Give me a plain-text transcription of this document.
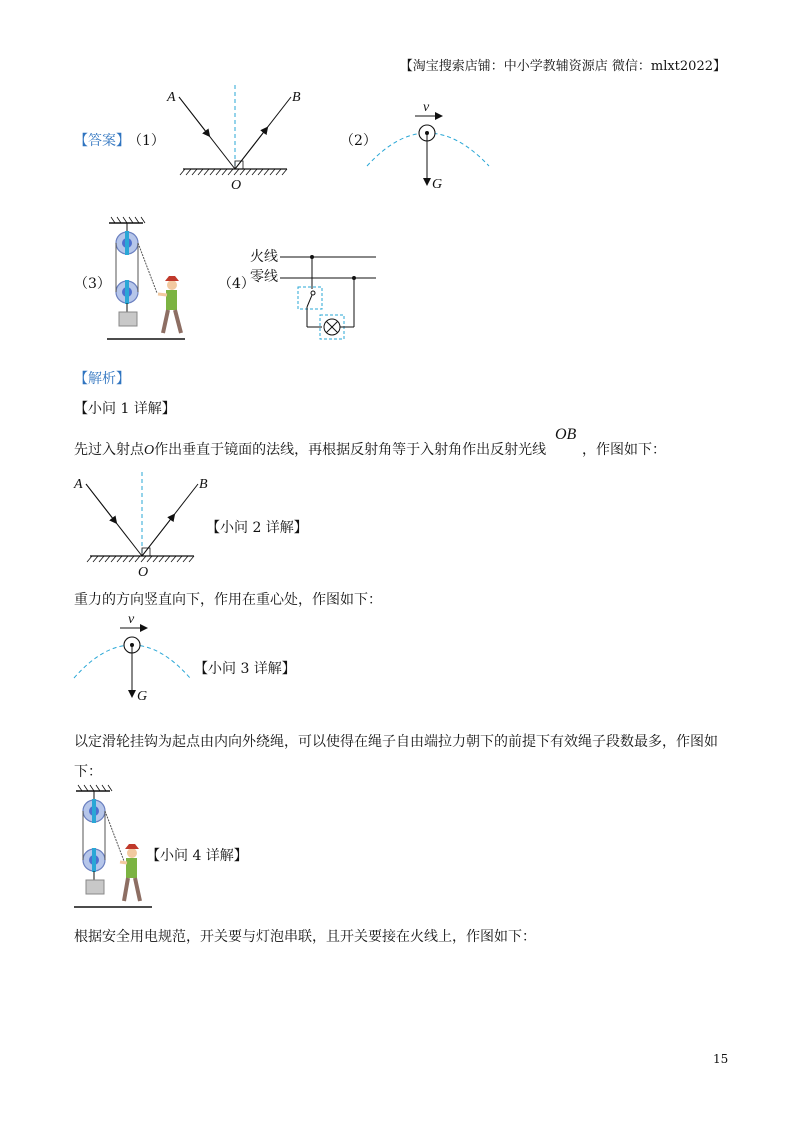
【淘宝搜索店铺：中小学教辅资源店 微信：mlxt2022】
【答案】
（1）
A	B
O
（2）
v
G
（3）	（4）
火线
零线
【解析】
【小问 1 详解】
先过入射点O作出垂直于镜面的法线，再根据反射角等于入射角作出反射光线
OB
，作图如下：
A	B
O
【小问 2 详解】
重力的方向竖直向下，作用在重心处，作图如下：
v
G
【小问 3 详解】
以定滑轮挂钩为起点由内向外绕绳，可以使得在绳子自由端拉力朝下的前提下有效绳子段数最多，作图如
下：
【小问 4 详解】
根据安全用电规范，开关要与灯泡串联，且开关要接在火线上，作图如下：
15
